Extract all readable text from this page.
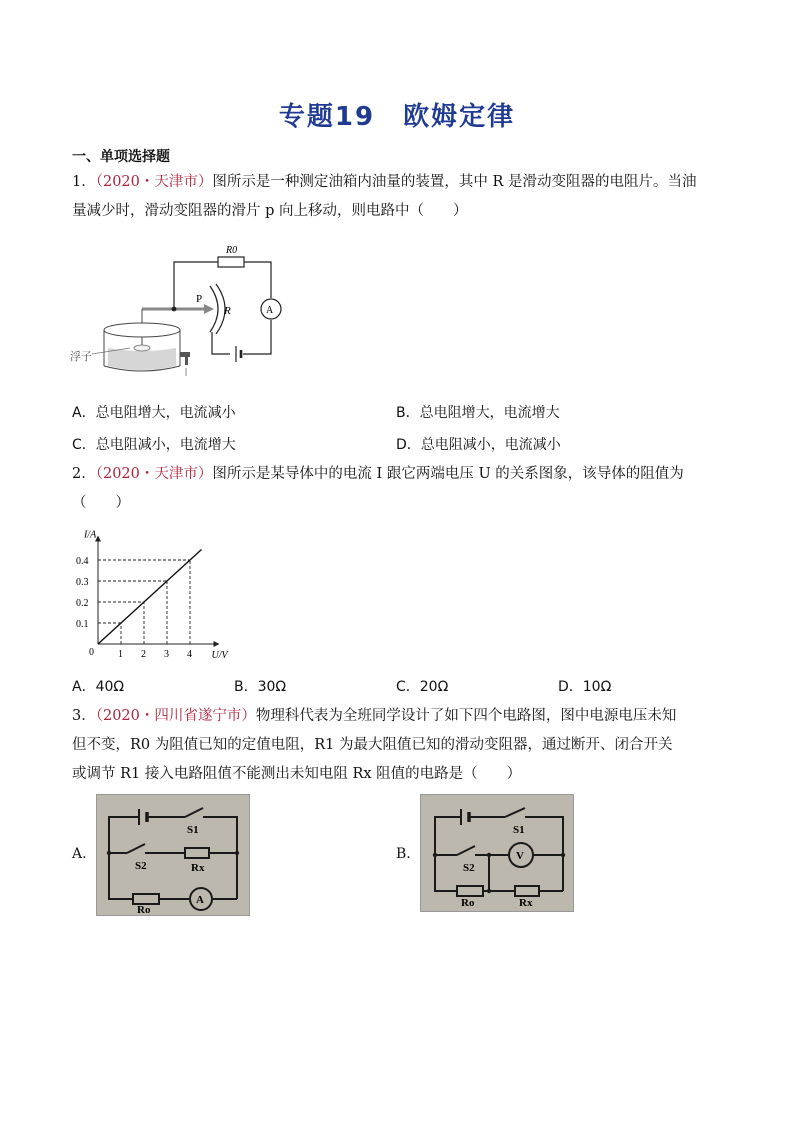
专题19　欧姆定律
一、单项选择题
1．（2020・天津市）图所示是一种测定油箱内油量的装置，其中 R 是滑动变阻器的电阻片。当油
量减少时，滑动变阻器的滑片 p 向上移动，则电路中（　　）
R0
P
R	A
浮子
A．总电阻增大，电流减小	B．总电阻增大，电流增大
C．总电阻减小，电流增大	D．总电阻减小，电流减小
2．（2020・天津市）图所示是某导体中的电流 I 跟它两端电压 U 的关系图象，该导体的阻值为
（　　）
1 2 3 4
0.1
0.2
0.3
0.4
U/V
I/A
0
A．40Ω	B．30Ω	C．20Ω	D．10Ω
3．（2020・四川省遂宁市）物理科代表为全班同学设计了如下四个电路图，图中电源电压未知
但不变，R0 为阻值已知的定值电阻，R1 为最大阻值已知的滑动变阻器，通过断开、闭合开关
或调节 R1 接入电路阻值不能测出未知电阻 Rx 阻值的电路是（　　）
A.
S1
S2	Rx
Ro
A
B.
S1
S2
V
Ro	Rx
